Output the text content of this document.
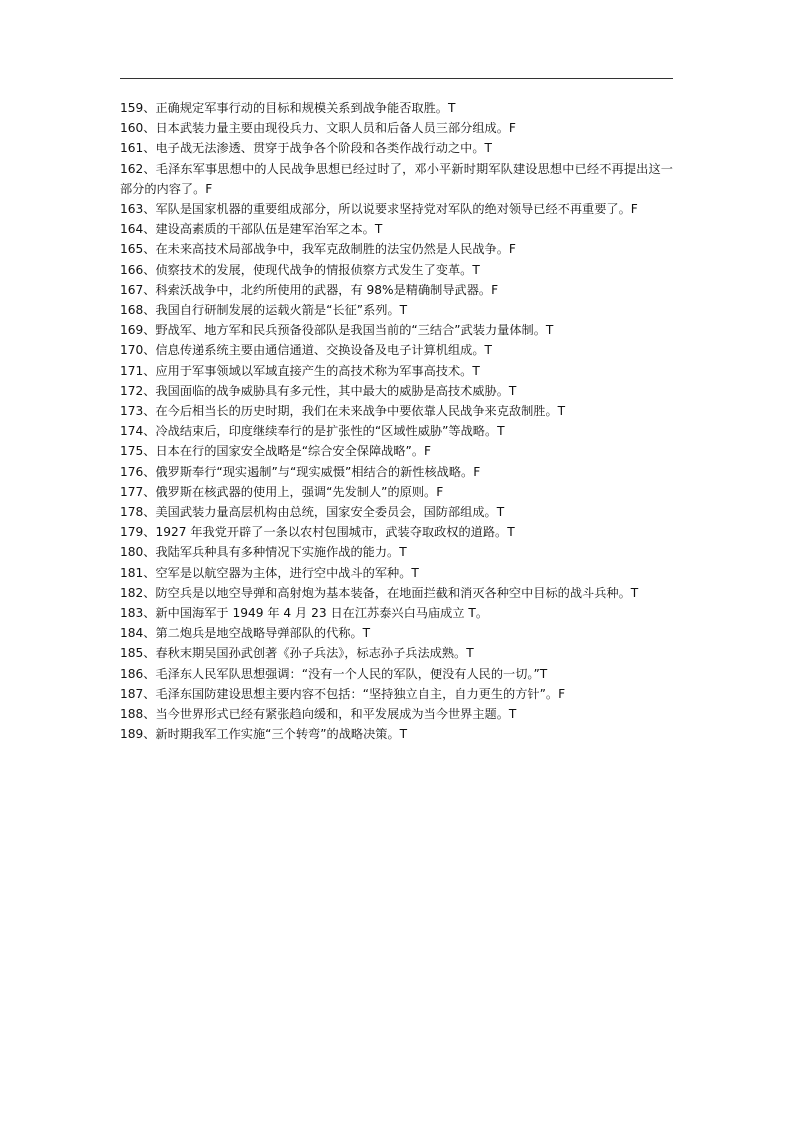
159、正确规定军事行动的目标和规模关系到战争能否取胜。T

160、日本武装力量主要由现役兵力、文职人员和后备人员三部分组成。F

161、电子战无法渗透、贯穿于战争各个阶段和各类作战行动之中。T

162、毛泽东军事思想中的人民战争思想已经过时了，邓小平新时期军队建设思想中已经不再提出这一部分的内容了。F

163、军队是国家机器的重要组成部分，所以说要求坚持党对军队的绝对领导已经不再重要了。F

164、建设高素质的干部队伍是建军治军之本。T

165、在未来高技术局部战争中，我军克敌制胜的法宝仍然是人民战争。F

166、侦察技术的发展，使现代战争的情报侦察方式发生了变革。T

167、科索沃战争中，北约所使用的武器，有 98%是精确制导武器。F

168、我国自行研制发展的运载火箭是“长征”系列。T

169、野战军、地方军和民兵预备役部队是我国当前的“三结合”武装力量体制。T

170、信息传递系统主要由通信通道、交换设备及电子计算机组成。T

171、应用于军事领域以军域直接产生的高技术称为军事高技术。T

172、我国面临的战争威胁具有多元性，其中最大的威胁是高技术威胁。T

173、在今后相当长的历史时期，我们在未来战争中要依靠人民战争来克敌制胜。T

174、冷战结束后，印度继续奉行的是扩张性的“区域性威胁”等战略。T

175、日本在行的国家安全战略是“综合安全保障战略”。F

176、俄罗斯奉行“现实遏制”与“现实威慑”相结合的新性核战略。F

177、俄罗斯在核武器的使用上，强调“先发制人”的原则。F

178、美国武装力量高层机构由总统，国家安全委员会，国防部组成。T

179、1927 年我党开辟了一条以农村包围城市，武装夺取政权的道路。T

180、我陆军兵种具有多种情况下实施作战的能力。T

181、空军是以航空器为主体，进行空中战斗的军种。T

182、防空兵是以地空导弹和高射炮为基本装备，在地面拦截和消灭各种空中目标的战斗兵种。T

183、新中国海军于 1949 年 4 月 23 日在江苏泰兴白马庙成立 T。

184、第二炮兵是地空战略导弹部队的代称。T

185、春秋末期吴国孙武创著《孙子兵法》，标志孙子兵法成熟。T

186、毛泽东人民军队思想强调：“没有一个人民的军队，便没有人民的一切。”T

187、毛泽东国防建设思想主要内容不包括：“坚持独立自主，自力更生的方针”。F

188、当今世界形式已经有紧张趋向缓和，和平发展成为当今世界主题。T

189、新时期我军工作实施“三个转弯”的战略决策。T
